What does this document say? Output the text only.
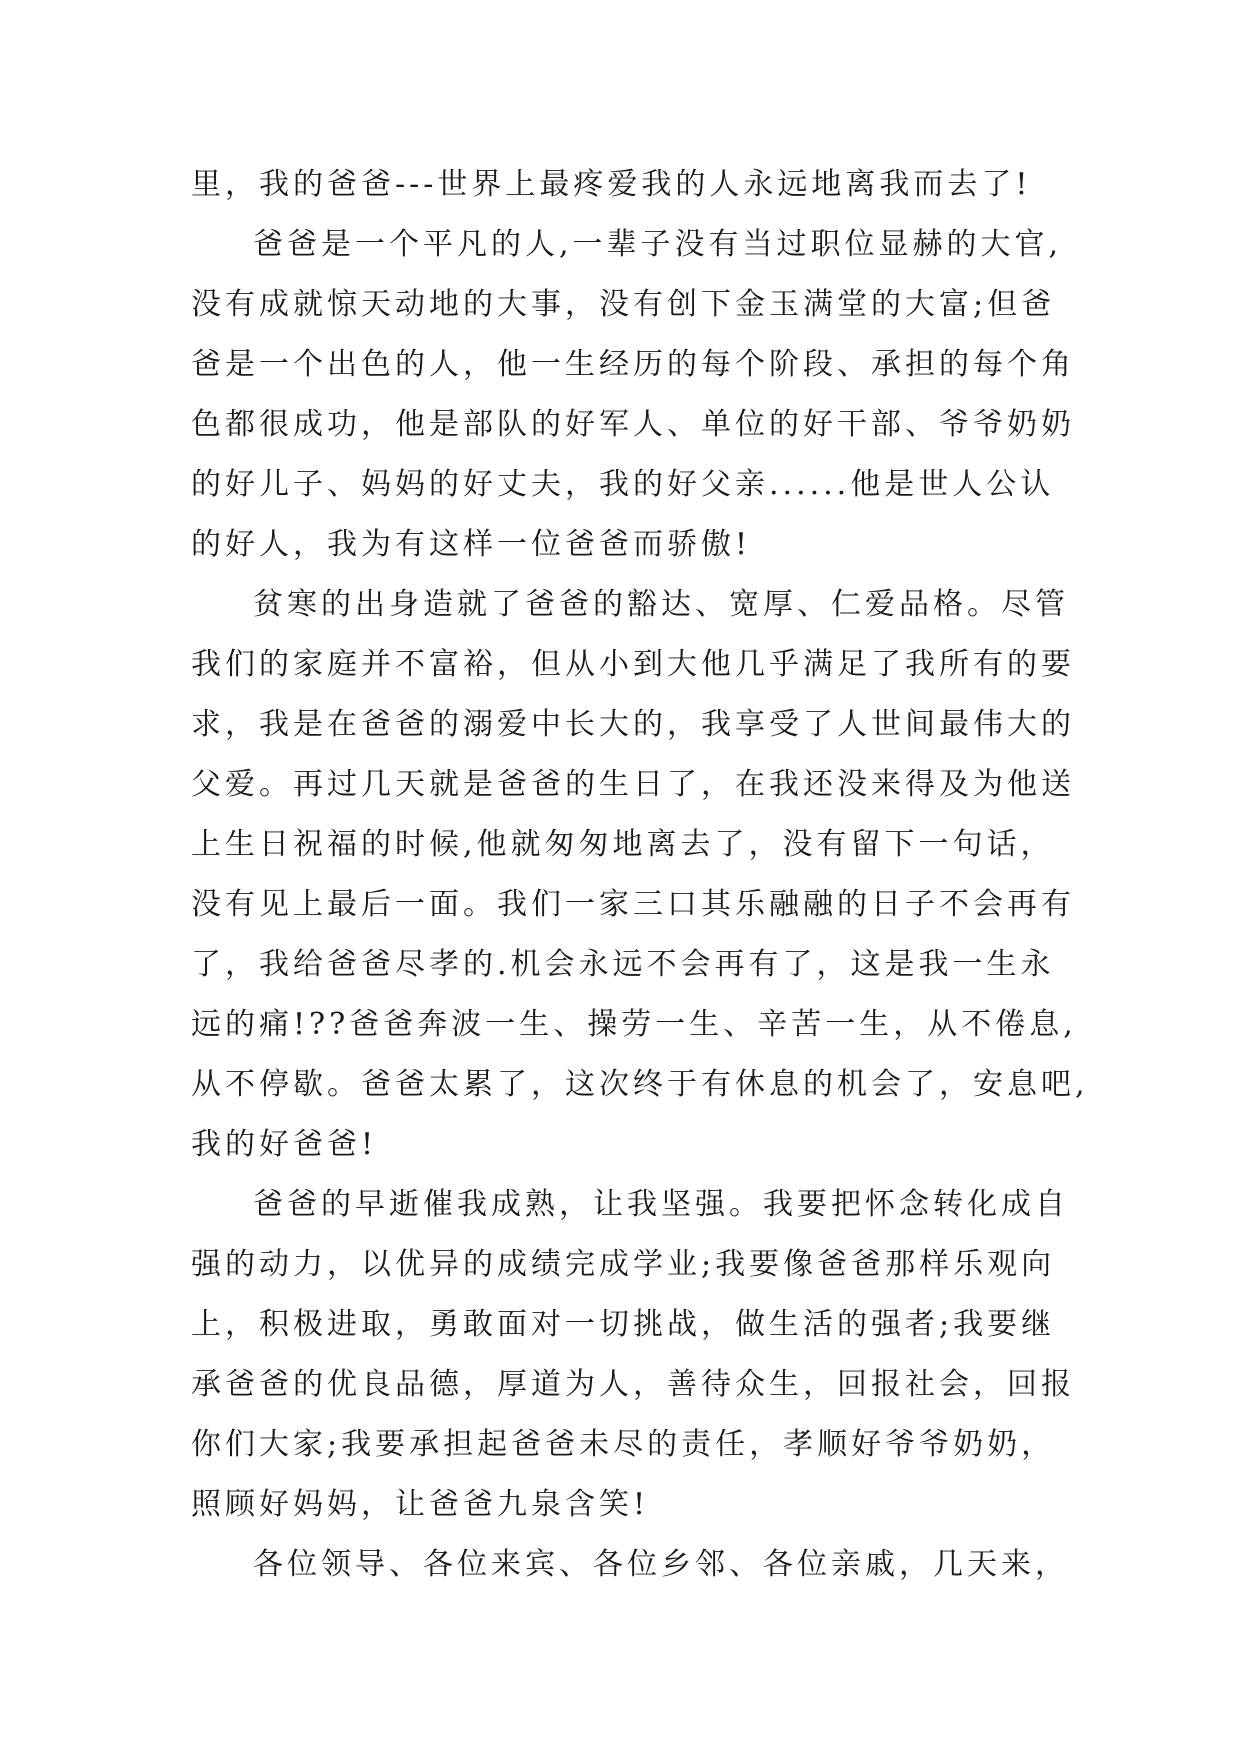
里，我的爸爸---世界上最疼爱我的人永远地离我而去了!
爸爸是一个平凡的人,一辈子没有当过职位显赫的大官,
没有成就惊天动地的大事，没有创下金玉满堂的大富;但爸
爸是一个出色的人，他一生经历的每个阶段、承担的每个角
色都很成功，他是部队的好军人、单位的好干部、爷爷奶奶
的好儿子、妈妈的好丈夫，我的好父亲......他是世人公认
的好人，我为有这样一位爸爸而骄傲!
贫寒的出身造就了爸爸的豁达、宽厚、仁爱品格。尽管
我们的家庭并不富裕，但从小到大他几乎满足了我所有的要
求，我是在爸爸的溺爱中长大的，我享受了人世间最伟大的
父爱。再过几天就是爸爸的生日了，在我还没来得及为他送
上生日祝福的时候,他就匆匆地离去了，没有留下一句话，
没有见上最后一面。我们一家三口其乐融融的日子不会再有
了，我给爸爸尽孝的.机会永远不会再有了，这是我一生永
远的痛!??爸爸奔波一生、操劳一生、辛苦一生，从不倦息,
从不停歇。爸爸太累了，这次终于有休息的机会了，安息吧,
我的好爸爸!
爸爸的早逝催我成熟，让我坚强。我要把怀念转化成自
强的动力，以优异的成绩完成学业;我要像爸爸那样乐观向
上，积极进取，勇敢面对一切挑战，做生活的强者;我要继
承爸爸的优良品德，厚道为人，善待众生，回报社会，回报
你们大家;我要承担起爸爸未尽的责任，孝顺好爷爷奶奶，
照顾好妈妈，让爸爸九泉含笑!
各位领导、各位来宾、各位乡邻、各位亲戚，几天来，
